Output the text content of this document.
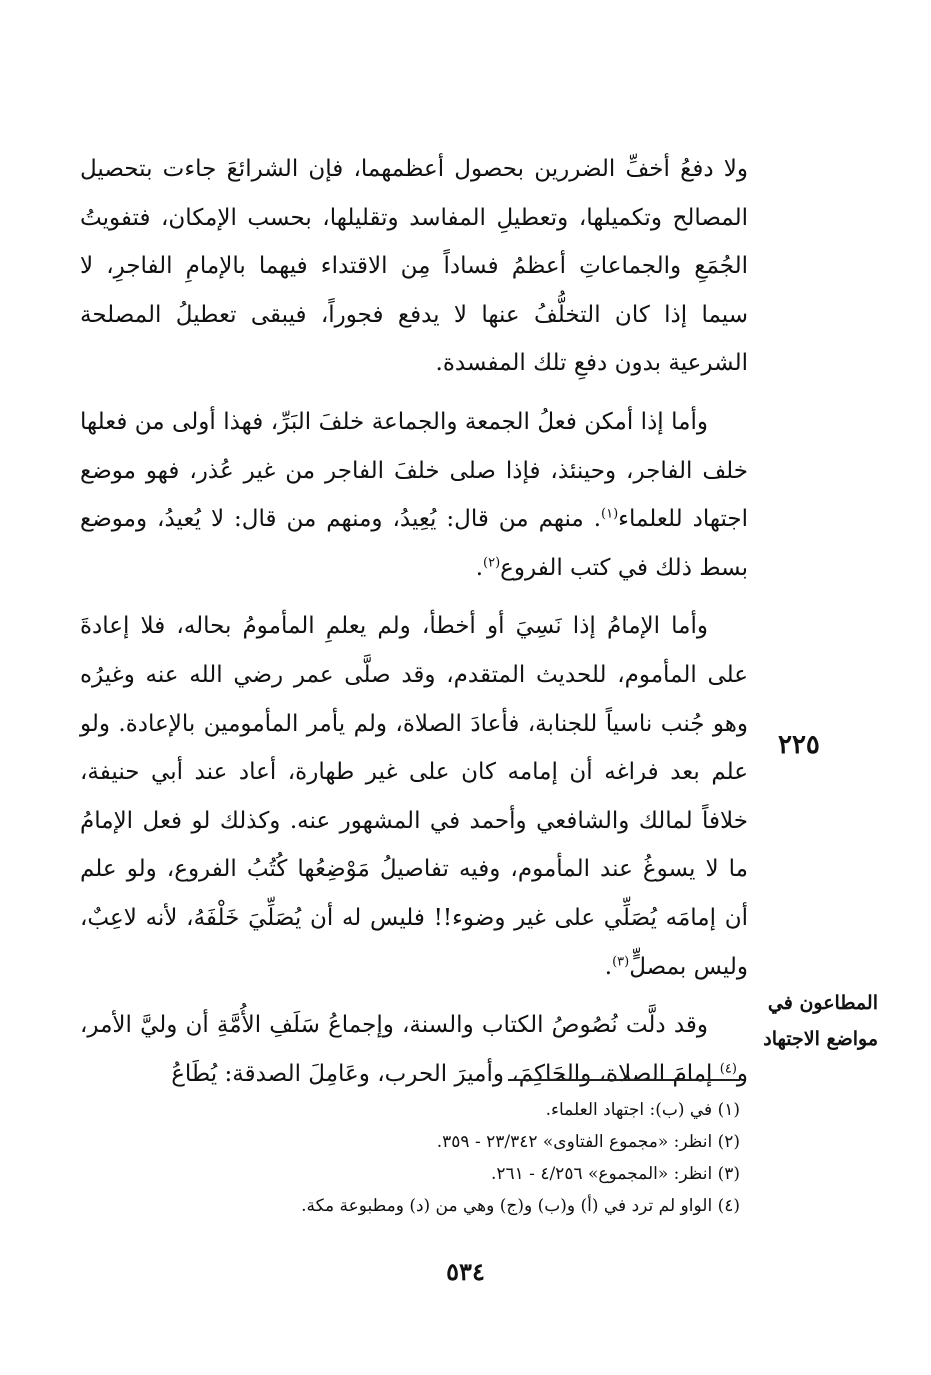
ولا دفعُ أخفِّ الضررين بحصول أعظمهما، فإن الشرائعَ جاءت بتحصيل المصالح وتكميلها، وتعطيلِ المفاسد وتقليلها، بحسب الإمكان، فتفويتُ الجُمَعِ والجماعاتِ أعظمُ فساداً مِن الاقتداء فيهما بالإمامِ الفاجرِ، لا سيما إذا كان التخلُّفُ عنها لا يدفع فجوراً، فيبقى تعطيلُ المصلحة الشرعية بدون دفعِ تلك المفسدة.

وأما إذا أمكن فعلُ الجمعة والجماعة خلفَ البَرِّ، فهذا أولى من فعلها خلف الفاجر، وحينئذ، فإذا صلى خلفَ الفاجر من غير عُذر، فهو موضع اجتهاد للعلماء$^{(١)}$. منهم من قال: يُعِيدُ، ومنهم من قال: لا يُعيدُ، وموضع بسط ذلك في كتب الفروع$^{(٢)}$.

وأما الإمامُ إذا نَسِيَ أو أخطأ، ولم يعلمِ المأمومُ بحاله، فلا إعادةَ على المأموم، للحديث المتقدم، وقد صلَّى عمر رضي الله عنه وغيرُه وهو جُنب ناسياً للجنابة، فأعادَ الصلاة، ولم يأمر المأمومين بالإعادة. ولو علم بعد فراغه أن إمامه كان على غير طهارة، أعاد عند أبي حنيفة، خلافاً لمالك والشافعي وأحمد في المشهور عنه. وكذلك لو فعل الإمامُ ما لا يسوغُ عند المأموم، وفيه تفاصيلُ مَوْضِعُها كُتُبُ الفروع، ولو علم أن إمامَه يُصَلِّي على غير وضوء!! فليس له أن يُصَلِّيَ خَلْفَهُ، لأنه لاعِبٌ، وليس بمصلٍّ$^{(٣)}$.

وقد دلَّت نُصُوصُ الكتاب والسنة، وإجماعُ سَلَفِ الأُمَّةِ أن وليَّ الأمر، و$^{(٤)}$ إمامَ الصلاة، والحَاكِمَ، وأميرَ الحرب، وعَامِلَ الصدقة: يُطَاعُ

٢٢٥
المطاعون في مواضع الاجتهاد
(١) في (ب): اجتهاد العلماء.
(٢) انظر: «مجموع الفتاوى» ٢٣/٣٤٢ - ٣٥٩.
(٣) انظر: «المجموع» ٤/٢٥٦ - ٢٦١.
(٤) الواو لم ترد في (أ) و(ب) و(ج) وهي من (د) ومطبوعة مكة.
٥٣٤
